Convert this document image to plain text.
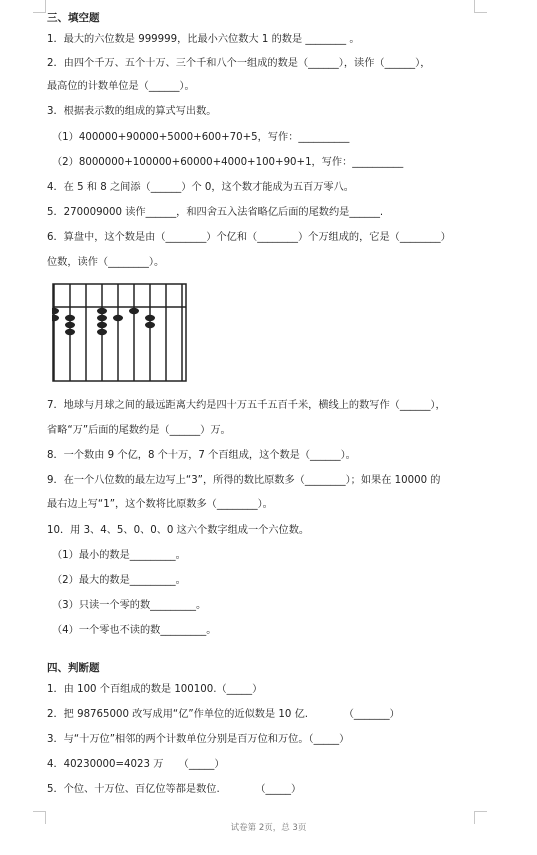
三、填空题
1．最大的六位数是 999999，比最小六位数大 1 的数是 ________ 。
2．由四个千万、五个十万、三个千和八个一组成的数是（______），读作（______），
最高位的计数单位是（______）。
3．根据表示数的组成的算式写出数。
（1）400000+90000+5000+600+70+5，写作：__________
（2）8000000+100000+60000+4000+100+90+1，写作：__________
4．在 5 和 8 之间添（______）个 0，这个数才能成为五百万零八。
5．270009000 读作______，和四舍五入法省略亿后面的尾数约是______.
6．算盘中，这个数是由（________）个亿和（________）个万组成的，它是（________）
位数，读作（________）。
7．地球与月球之间的最远距离大约是四十万五千五百千米，横线上的数写作（______），
省略“万”后面的尾数约是（______）万。
8．一个数由 9 个亿，8 个十万，7 个百组成，这个数是（______）。
9．在一个八位数的最左边写上“3”，所得的数比原数多（________）；如果在 10000 的
最右边上写“1”，这个数将比原数多（________）。
10．用 3、4、5、0、0、0 这六个数字组成一个六位数。
（1）最小的数是_________。
（2）最大的数是_________。
（3）只读一个零的数_________。
（4）一个零也不读的数_________。
四、判断题
1．由 100 个百组成的数是 100100.（_____）
2．把 98765000 改写成用“亿”作单位的近似数是 10 亿.　　　　（_______）
3．与“十万位”相邻的两个计数单位分别是百万位和万位。（_____）
4．40230000=4023 万　　（_____）
5．个位、十万位、百亿位等都是数位.　　　　（_____）
试卷第 2页，总 3页
